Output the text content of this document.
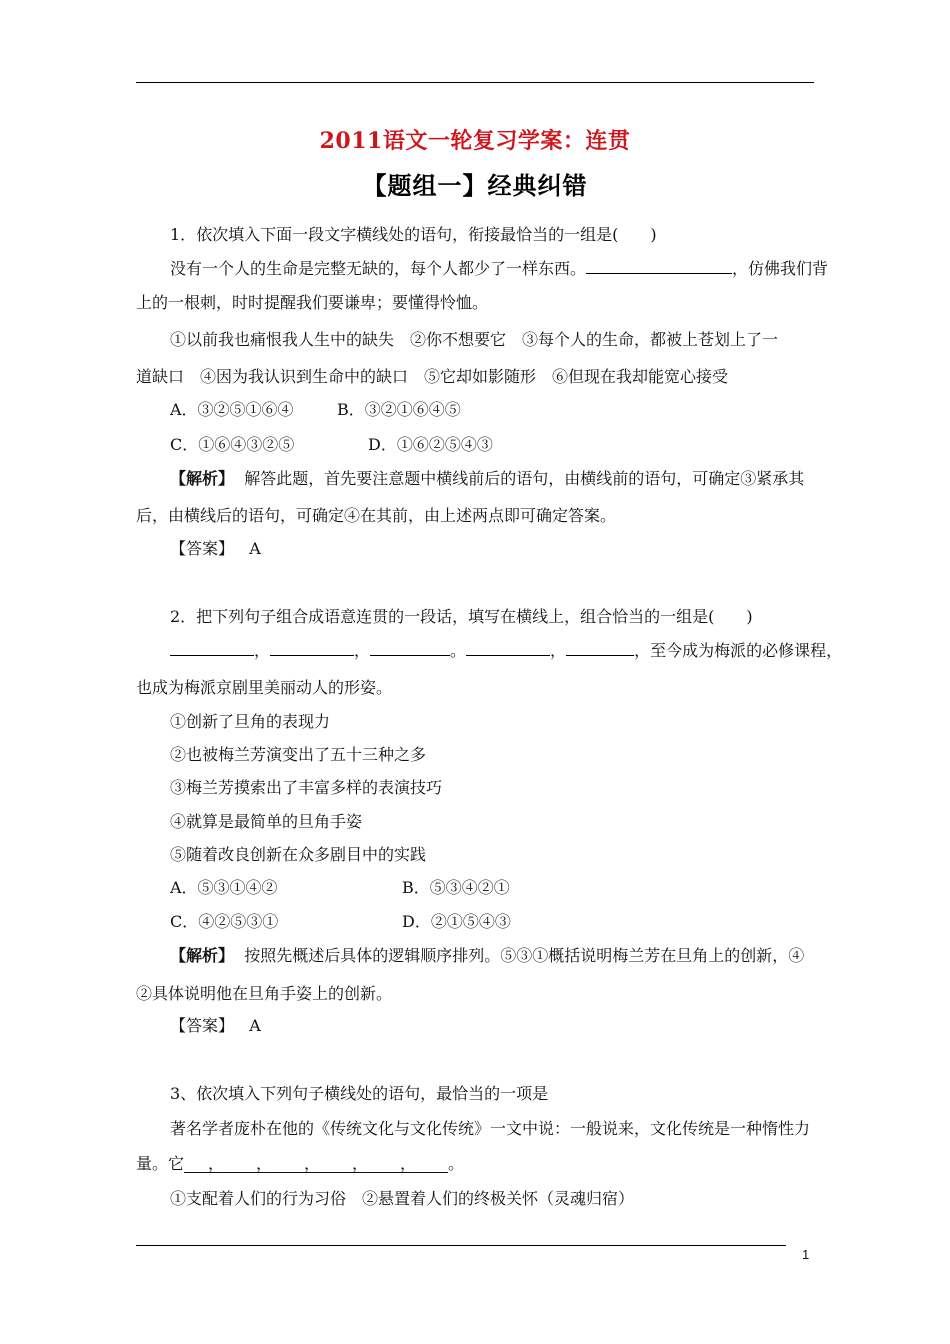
2011语文一轮复习学案：连贯
【题组一】经典纠错
1．依次填入下面一段文字横线处的语句，衔接最恰当的一组是(　　)
没有一个人的生命是完整无缺的，每个人都少了一样东西。	，仿佛我们背
上的一根刺，时时提醒我们要谦卑；要懂得怜恤。
①以前我也痛恨我人生中的缺失　②你不想要它　③每个人的生命，都被上苍划上了一
道缺口　④因为我认识到生命中的缺口　⑤它却如影随形　⑥但现在我却能宽心接受
A．③②⑤①⑥④	B．③②①⑥④⑤
C．①⑥④③②⑤	D．①⑥②⑤④③
【解析】 解答此题，首先要注意题中横线前后的语句，由横线前的语句，可确定③紧承其
后，由横线后的语句，可确定④在其前，由上述两点即可确定答案。
【答案】 A
2．把下列句子组合成语意连贯的一段话，填写在横线上，组合恰当的一组是(　　)
，	，	。	，	，至今成为梅派的必修课程，
也成为梅派京剧里美丽动人的形姿。
①创新了旦角的表现力
②也被梅兰芳演变出了五十三种之多
③梅兰芳摸索出了丰富多样的表演技巧
④就算是最简单的旦角手姿
⑤随着改良创新在众多剧目中的实践
A．⑤③①④②	B．⑤③④②①
C．④②⑤③①	D．②①⑤④③
【解析】 按照先概述后具体的逻辑顺序排列。⑤③①概括说明梅兰芳在旦角上的创新，④
②具体说明他在旦角手姿上的创新。
【答案】 A
3、依次填入下列句子横线处的语句，最恰当的一项是
著名学者庞朴在他的《传统文化与文化传统》一文中说：一般说来，文化传统是一种惰性力
量。它___，____，____，____，____，____。
①支配着人们的行为习俗　②悬置着人们的终极关怀（灵魂归宿）
1
